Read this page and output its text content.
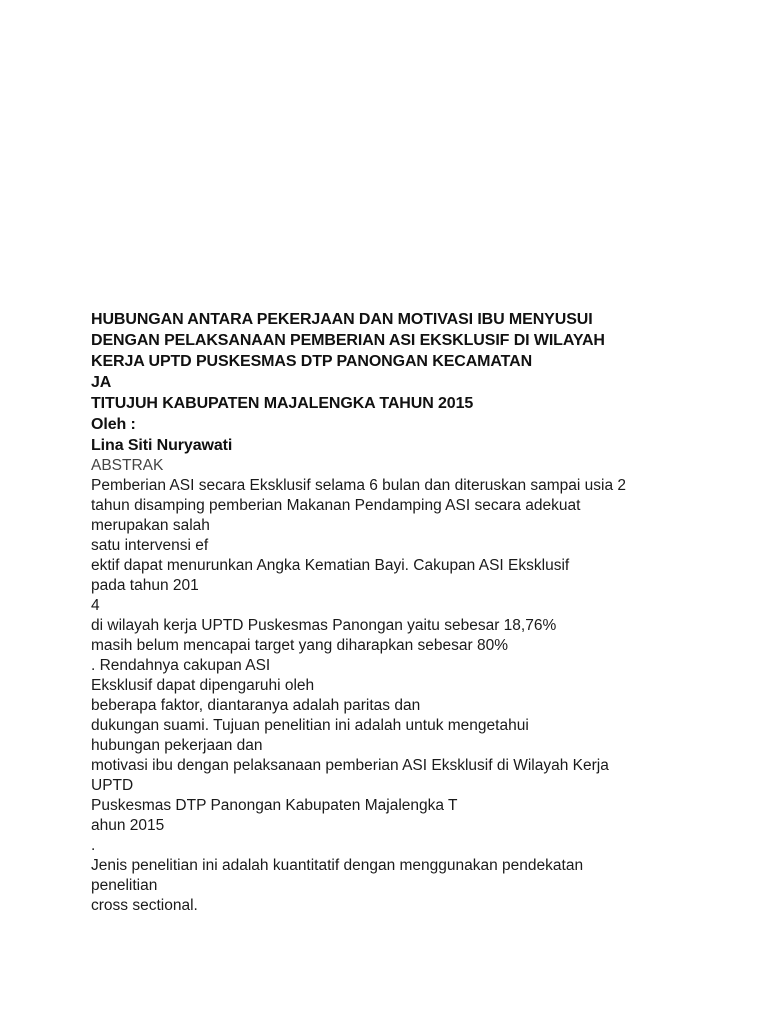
HUBUNGAN ANTARA PEKERJAAN DAN MOTIVASI IBU MENYUSUI
DENGAN PELAKSANAAN PEMBERIAN ASI EKSKLUSIF DI WILAYAH
KERJA UPTD PUSKESMAS DTP PANONGAN KECAMATAN
JA
TITUJUH KABUPATEN MAJALENGKA TAHUN 2015
Oleh :
Lina Siti Nuryawati
ABSTRAK
Pemberian ASI secara Eksklusif selama 6 bulan dan diteruskan sampai usia 2
tahun disamping pemberian Makanan Pendamping ASI secara adekuat
merupakan salah
satu intervensi ef
ektif dapat menurunkan Angka Kematian Bayi. Cakupan ASI Eksklusif
pada tahun 201
4
di wilayah kerja UPTD Puskesmas Panongan yaitu sebesar 18,76%
masih belum mencapai target yang diharapkan sebesar 80%
. Rendahnya cakupan ASI
Eksklusif dapat dipengaruhi oleh
beberapa faktor, diantaranya adalah paritas dan
dukungan suami. Tujuan penelitian ini adalah untuk mengetahui
hubungan pekerjaan dan
motivasi ibu dengan pelaksanaan pemberian ASI Eksklusif di Wilayah Kerja
UPTD
Puskesmas DTP Panongan Kabupaten Majalengka T
ahun 2015
.
Jenis penelitian ini adalah kuantitatif dengan menggunakan pendekatan
penelitian
cross sectional.
